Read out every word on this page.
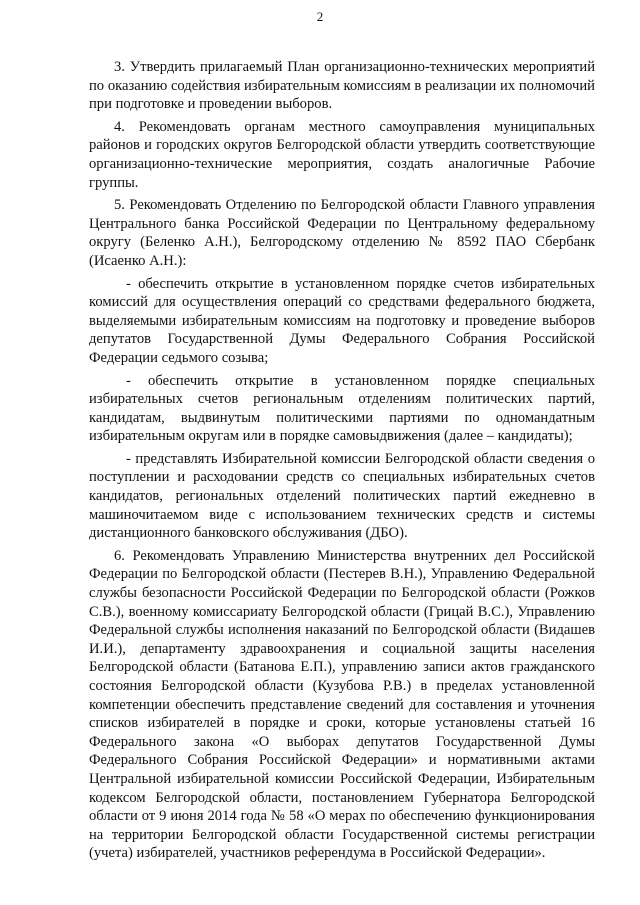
2

3. Утвердить прилагаемый План организационно-технических мероприятий по оказанию содействия избирательным комиссиям в реализации их полномочий при подготовке и проведении выборов.

4. Рекомендовать органам местного самоуправления муниципальных районов и городских округов Белгородской области утвердить соответствующие организационно-технические мероприятия, создать аналогичные Рабочие группы.

5. Рекомендовать Отделению по Белгородской области Главного управления Центрального банка Российской Федерации по Центральному федеральному округу (Беленко А.Н.), Белгородскому отделению № 8592 ПАО Сбербанк (Исаенко А.Н.):

- обеспечить открытие в установленном порядке счетов избирательных комиссий для осуществления операций со средствами федерального бюджета, выделяемыми избирательным комиссиям на подготовку и проведение выборов депутатов Государственной Думы Федерального Собрания Российской Федерации седьмого созыва;

- обеспечить открытие в установленном порядке специальных избирательных счетов региональным отделениям политических партий, кандидатам, выдвинутым политическими партиями по одномандатным избирательным округам или в порядке самовыдвижения (далее – кандидаты);

- представлять Избирательной комиссии Белгородской области сведения о поступлении и расходовании средств со специальных избирательных счетов кандидатов, региональных отделений политических партий ежедневно в машиночитаемом виде с использованием технических средств и системы дистанционного банковского обслуживания (ДБО).

6. Рекомендовать Управлению Министерства внутренних дел Российской Федерации по Белгородской области (Пестерев В.Н.), Управлению Федеральной службы безопасности Российской Федерации по Белгородской области (Рожков С.В.), военному комиссариату Белгородской области (Грицай В.С.), Управлению Федеральной службы исполнения наказаний по Белгородской области (Видашев И.И.), департаменту здравоохранения и социальной защиты населения Белгородской области (Батанова Е.П.), управлению записи актов гражданского состояния Белгородской области (Кузубова Р.В.) в пределах установленной компетенции обеспечить представление сведений для составления и уточнения списков избирателей в порядке и сроки, которые установлены статьей 16 Федерального закона «О выборах депутатов Государственной Думы Федерального Собрания Российской Федерации» и нормативными актами Центральной избирательной комиссии Российской Федерации, Избирательным кодексом Белгородской области, постановлением Губернатора Белгородской области от 9 июня 2014 года № 58 «О мерах по обеспечению функционирования на территории Белгородской области Государственной системы регистрации (учета) избирателей, участников референдума в Российской Федерации».
